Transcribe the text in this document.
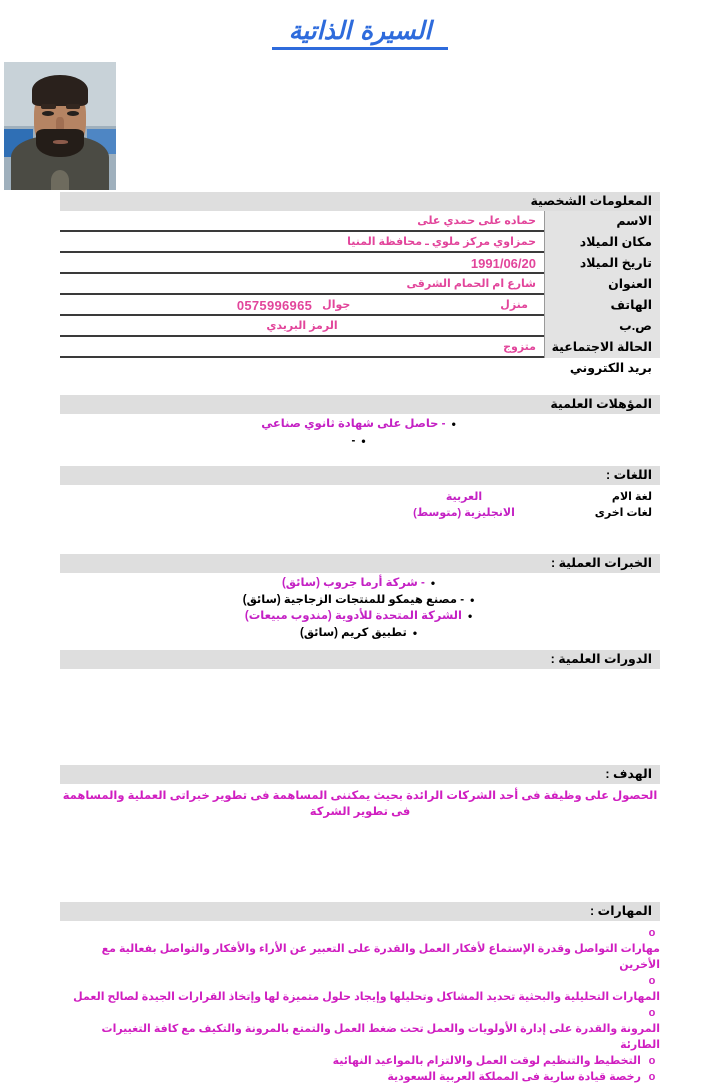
السيرة الذاتية
المعلومات الشخصية
الاسم
حماده على حمدي على
مكان الميلاد
حمزاوي مركز ملوي ـ محافظة المنيا
تاريخ الميلاد
1991/06/20
العنوان
شارع ام الحمام الشرقى
الهاتف
منزل
جوال
0575996965
ص.ب
الرمز البريدي
الحالة الاجتماعية
متزوج
بريد الكتروني
المؤهلات العلمية
• - حاصل على شهادة ثانوي صناعي
• -
اللغات :
لغة الام
العربية
لغات اخرى
الانجليزية (متوسط)
الخبرات العملية :
• - شركة أرما جروب (سائق)
• - مصنع هيمكو للمنتجات الزجاجية (سائق)
• الشركة المتحدة للأدوية (مندوب مبيعات)
• تطبيق كريم (سائق)
الدورات العلمية :
الهدف :
الحصول على وظيفة فى أحد الشركات الرائدة بحيث يمكننى المساهمة فى تطوير خبراتى العملية والمساهمة فى تطوير الشركة
المهارات :
o مهارات التواصل وقدرة الإستماع لأفكار العمل والقدرة على التعبير عن الأراء والأفكار والتواصل بفعالية مع الأخرين
o المهارات التحليلية والبحثية تحديد المشاكل وتحليلها وإيجاد حلول متميزة لها وإتخاذ القرارات الجيدة لصالح العمل
o المرونة والقدرة على إدارة الأولويات والعمل تحت ضغط العمل والتمتع بالمرونة والتكيف مع كافة التغييرات الطارئة
o التخطيط والتنظيم لوقت العمل والالتزام بالمواعيد النهائية
o رخصة قيادة سارية فى المملكة العربية السعودية
